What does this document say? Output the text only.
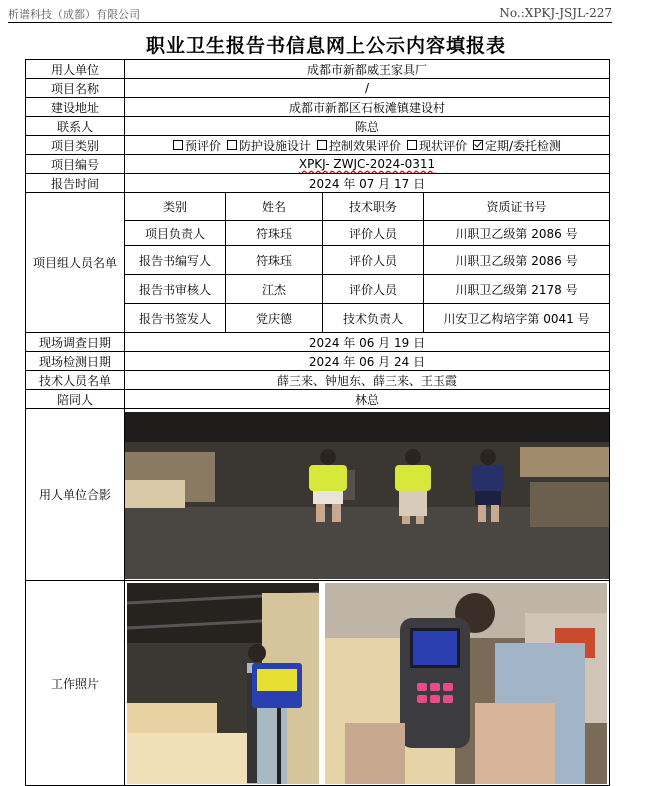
析谱科技（成都）有限公司	No.:XPKJ-JSJL-227
职业卫生报告书信息网上公示内容填报表
用人单位	成都市新都威王家具厂			
项目名称	/			
建设地址	成都市新都区石板滩镇建设村			
联系人	陈总			
项目类别	预评价 防护设施设计 控制效果评价 现状评价 定期/委托检测			
项目编号	XPKJ- ZWJC-2024-0311			
报告时间	2024 年 07 月 17 日			
项目组人员名单	类别	姓名	技术职务	资质证书号
	项目负责人	符珠珏	评价人员	川职卫乙级第 2086 号
	报告书编写人	符珠珏	评价人员	川职卫乙级第 2086 号
	报告书审核人	江杰	评价人员	川职卫乙级第 2178 号
	报告书签发人	党庆德	技术负责人	川安卫乙构培字第 0041 号
现场调查日期	2024 年 06 月 19 日			
现场检测日期	2024 年 06 月 24 日			
技术人员名单	薛三来、钟旭东、薛三来、王玉霞			
陪同人	林总			
用人单位合影	

工作照片	
